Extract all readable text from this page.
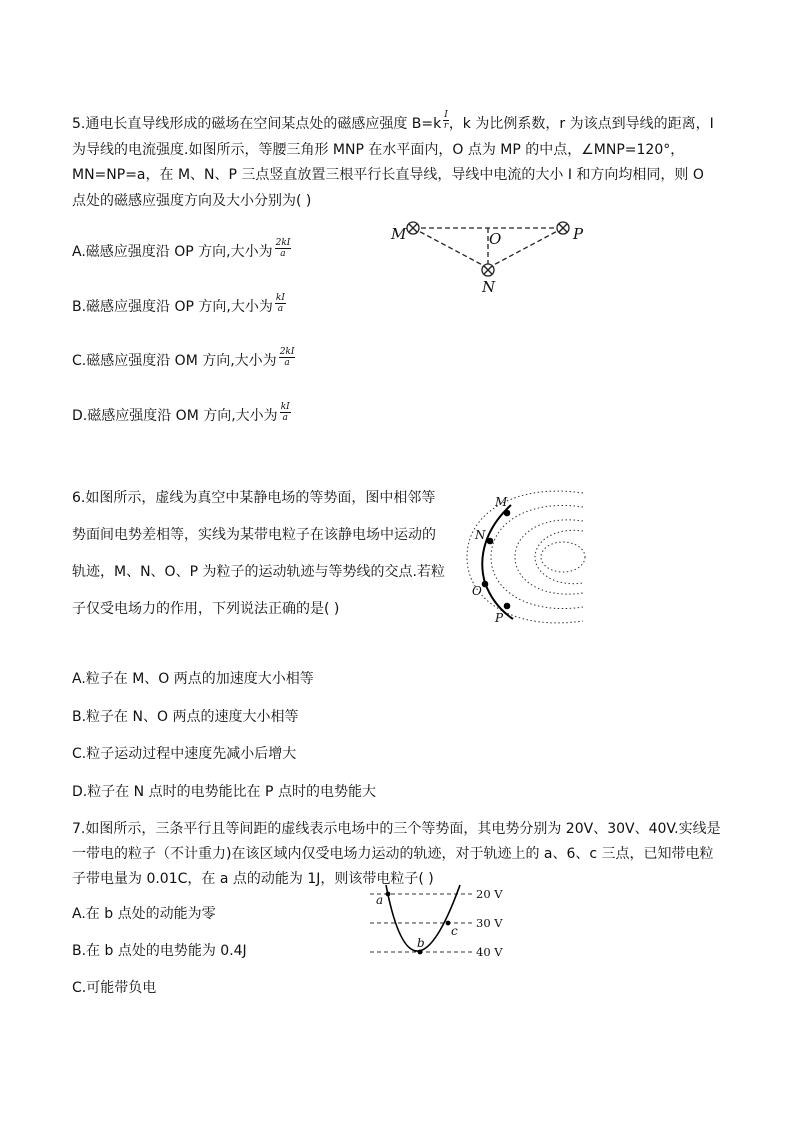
5.通电长直导线形成的磁场在空间某点处的磁感应强度 $B=k \frac{I}{r}$ ，k 为比例系数，r 为该点到导线的距离，I 为导线的电流强度.如图所示，等腰三角形 MNP 在水平面内，O 点为 MP 的中点，∠MNP=120°，MN=NP=a，在 M、N、P 三点竖直放置三根平行长直导线，导线中电流的大小 I 和方向均相同，则 O 点处的磁感应强度方向及大小分别为( )
A.磁感应强度沿 OP 方向,大小为 $\frac{2kI}{a}$
B.磁感应强度沿 OP 方向,大小为 $\frac{kI}{a}$
C.磁感应强度沿 OM 方向,大小为 $\frac{2kI}{a}$
D.磁感应强度沿 OM 方向,大小为 $\frac{kI}{a}$
M	O	P
N
6.如图所示，虚线为真空中某静电场的等势面，图中相邻等势面间电势差相等，实线为某带电粒子在该静电场中运动的轨迹，M、N、O、P 为粒子的运动轨迹与等势线的交点.若粒子仅受电场力的作用，下列说法正确的是( )
A.粒子在 M、O 两点的加速度大小相等
B.粒子在 N、O 两点的速度大小相等
C.粒子运动过程中速度先减小后增大
D.粒子在 N 点时的电势能比在 P 点时的电势能大
M
N
O
P
7.如图所示，三条平行且等间距的虚线表示电场中的三个等势面，其电势分别为 20V、30V、40V.实线是一带电的粒子（不计重力)在该区域内仅受电场力运动的轨迹，对于轨迹上的 a、6、c 三点，已知带电粒子带电量为 0.01C，在 a 点的动能为 1J，则该带电粒子( )
A.在 b 点处的动能为零
B.在 b 点处的电势能为 0.4J
C.可能带负电
a
b
c
20 V
30 V
40 V
